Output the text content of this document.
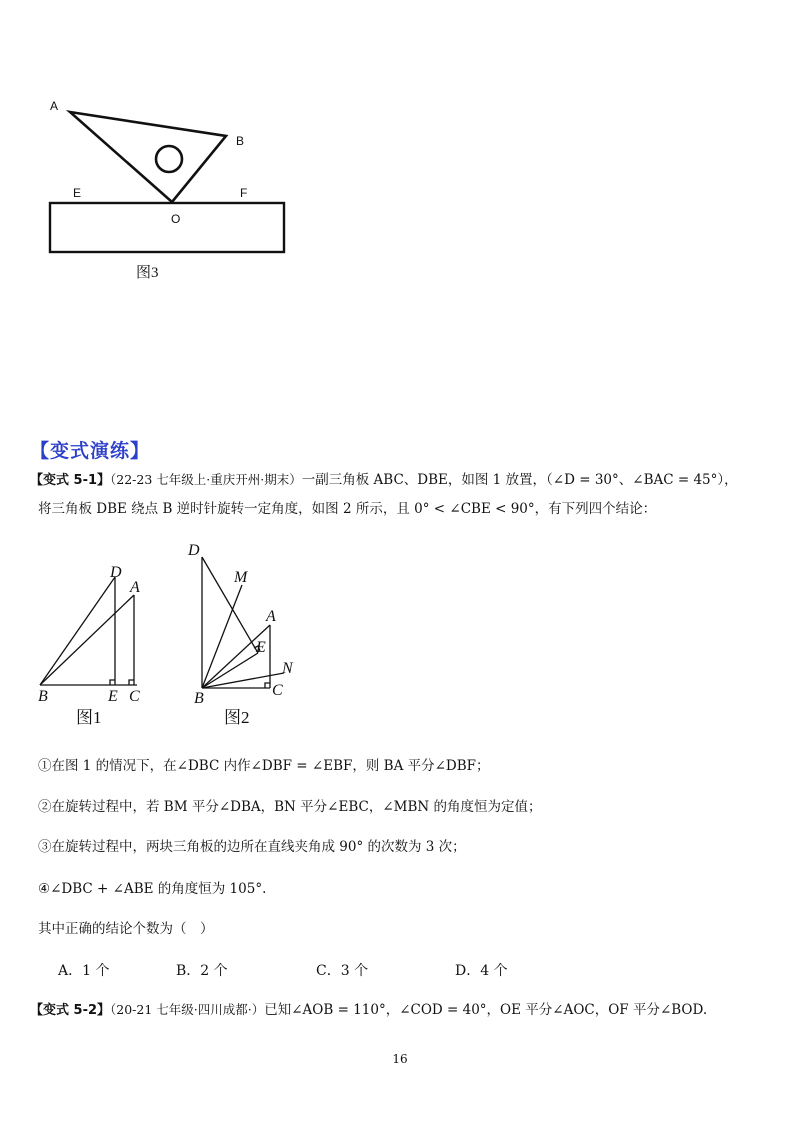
A
B
E	F
O
图3
【变式演练】
【变式 5-1】（22-23 七年级上·重庆开州·期末）一副三角板 ABC、DBE，如图 1 放置，（∠D = 30°、∠BAC = 45°），
将三角板 DBE 绕点 B 逆时针旋转一定角度，如图 2 所示，且 0° < ∠CBE < 90°，有下列四个结论：
D
A
B	E C
图1
D
M
A
E
N
C
B
图2
①在图 1 的情况下，在∠DBC 内作∠DBF = ∠EBF，则 BA 平分∠DBF；
②在旋转过程中，若 BM 平分∠DBA，BN 平分∠EBC，∠MBN 的角度恒为定值；
③在旋转过程中，两块三角板的边所在直线夹角成 90° 的次数为 3 次；
④∠DBC + ∠ABE 的角度恒为 105°.
其中正确的结论个数为（　）
A．1 个	B．2 个	C．3 个	D．4 个
【变式 5-2】（20-21 七年级·四川成都·）已知∠AOB = 110°，∠COD = 40°，OE 平分∠AOC，OF 平分∠BOD.
16
